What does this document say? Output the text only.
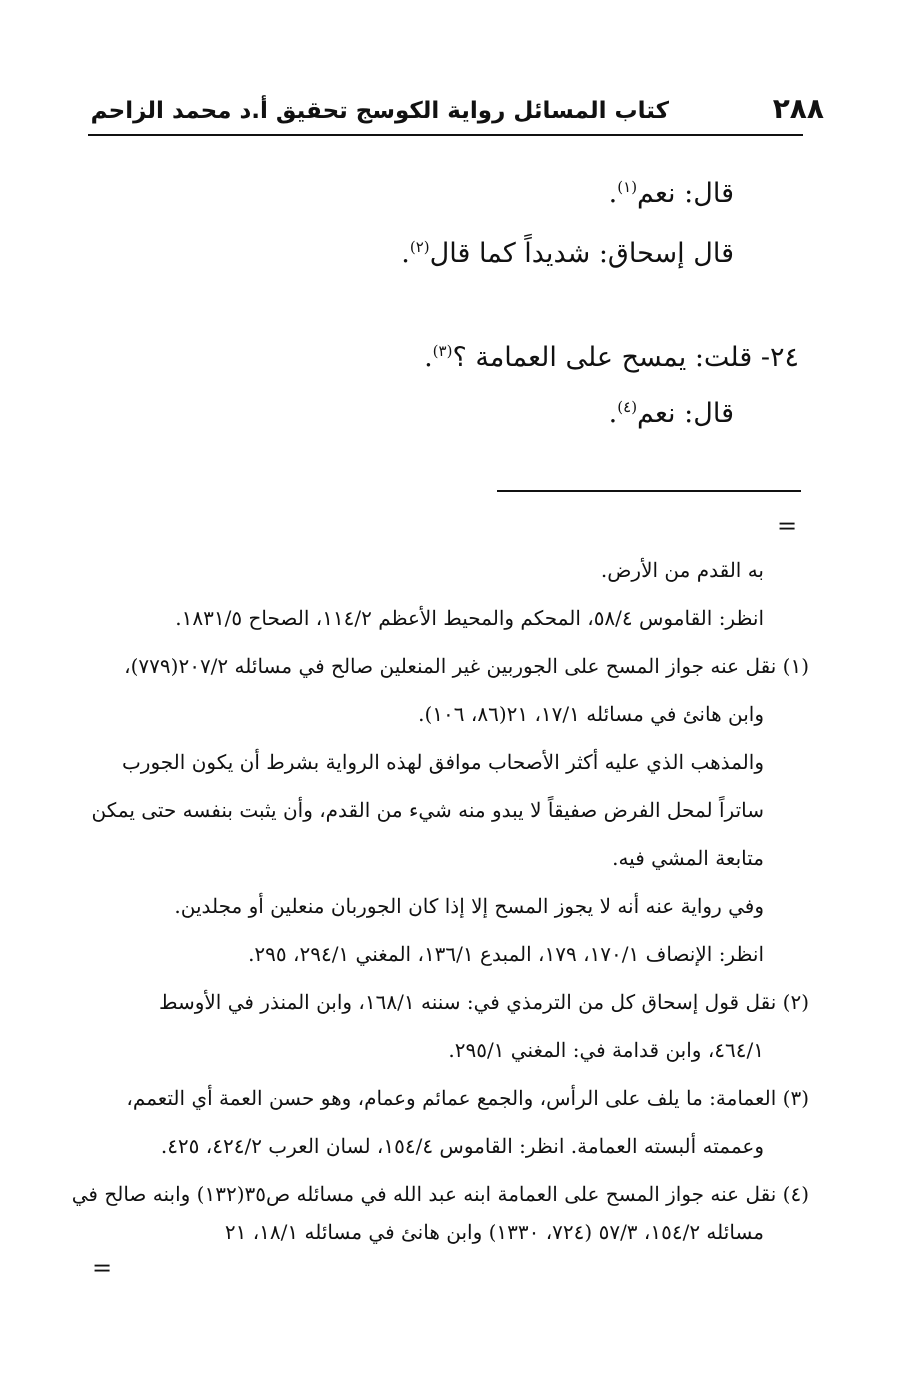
٢٨٨
كتاب المسائل رواية الكوسج تحقيق أ.د محمد الزاحم
قال: نعم$^{(١)}$.
قال إسحاق: شديداً كما قال$^{(٢)}$.
٢٤- قلت: يمسح على العمامة ؟$^{(٣)}$.
قال: نعم$^{(٤)}$.
=
به القدم من الأرض.
انظر: القاموس ٥٨/٤، المحكم والمحيط الأعظم ١١٤/٢، الصحاح ١٨٣١/٥.
(١) نقل عنه جواز المسح على الجوربين غير المنعلين صالح في مسائله ٢٠٧/٢(٧٧٩)،
وابن هانئ في مسائله ١٧/١، ٢١(٨٦، ١٠٦).
والمذهب الذي عليه أكثر الأصحاب موافق لهذه الرواية بشرط أن يكون الجورب
ساتراً لمحل الفرض صفيقاً لا يبدو منه شيء من القدم، وأن يثبت بنفسه حتى يمكن
متابعة المشي فيه.
وفي رواية عنه أنه لا يجوز المسح إلا إذا كان الجوربان منعلين أو مجلدين.
انظر: الإنصاف ١٧٠/١، ١٧٩، المبدع ١٣٦/١، المغني ٢٩٤/١، ٢٩٥.
(٢) نقل قول إسحاق كل من الترمذي في: سننه ١٦٨/١، وابن المنذر في الأوسط
٤٦٤/١، وابن قدامة في: المغني ٢٩٥/١.
(٣) العمامة: ما يلف على الرأس، والجمع عمائم وعمام، وهو حسن العمة أي التعمم،
وعممته ألبسته العمامة. انظر: القاموس ١٥٤/٤، لسان العرب ٤٢٤/٢، ٤٢٥.
(٤) نقل عنه جواز المسح على العمامة ابنه عبد الله في مسائله ص٣٥(١٣٢) وابنه صالح في
مسائله ١٥٤/٢، ٥٧/٣ (٧٢٤، ١٣٣٠) وابن هانئ في مسائله ١٨/١، ٢١
=
